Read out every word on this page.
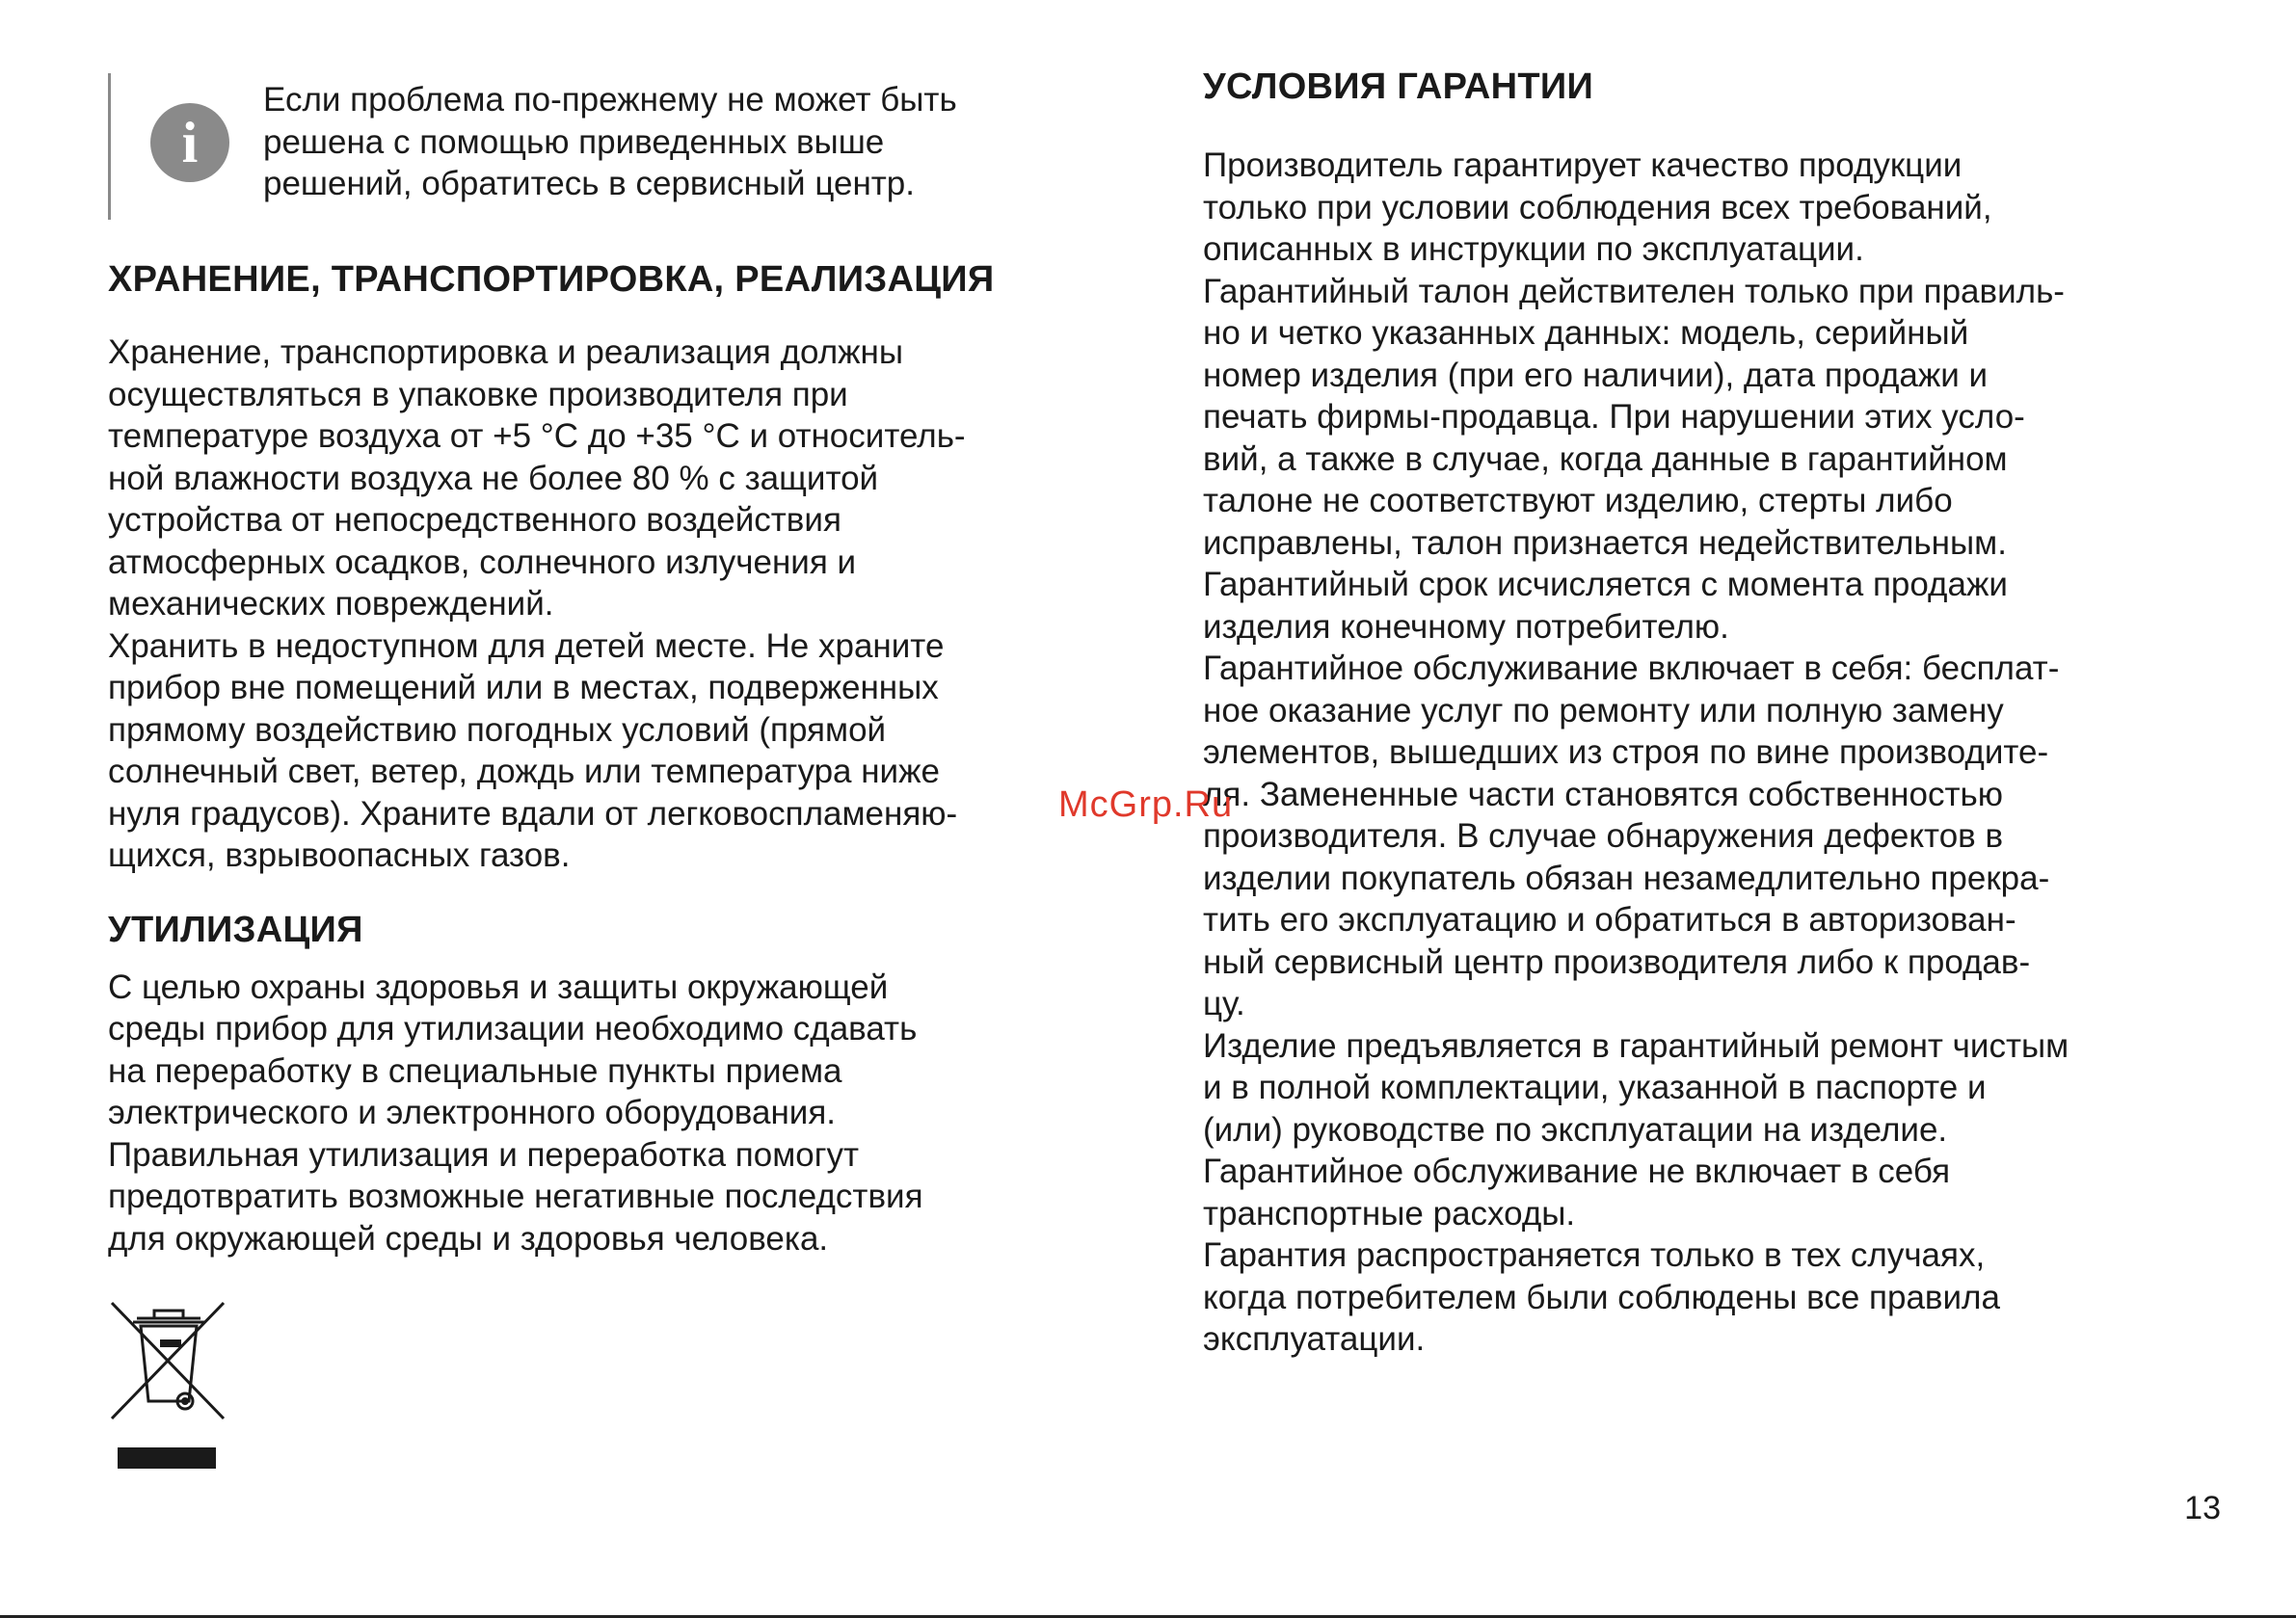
i
Если проблема по-прежнему не может быть
решена с помощью приведенных выше
решений, обратитесь в сервисный центр.
ХРАНЕНИЕ, ТРАНСПОРТИРОВКА, РЕАЛИЗАЦИЯ

Хранение, транспортировка и реализация должны
осуществляться в упаковке производителя при
температуре воздуха от +5 °С до +35 °С и относитель-
ной влажности воздуха не более 80 % с защитой
устройства от непосредственного воздействия
атмосферных осадков, солнечного излучения и
механических повреждений.
Хранить в недоступном для детей месте. Не храните
прибор вне помещений или в местах, подверженных
прямому воздействию погодных условий (прямой
солнечный свет, ветер, дождь или температура ниже
нуля градусов). Храните вдали от легковоспламеняю-
щихся, взрывоопасных газов.

УТИЛИЗАЦИЯ

С целью охраны здоровья и защиты окружающей
среды прибор для утилизации необходимо сдавать
на переработку в специальные пункты приема
электрического и электронного оборудования.
Правильная утилизация и переработка помогут
предотвратить возможные негативные последствия
для окружающей среды и здоровья человека.

УСЛОВИЯ ГАРАНТИИ

Производитель гарантирует качество продукции
только при условии соблюдения всех требований,
описанных в инструкции по эксплуатации.
Гарантийный талон действителен только при правиль-
но и четко указанных данных: модель, серийный
номер изделия (при его наличии), дата продажи и
печать фирмы-продавца. При нарушении этих усло-
вий, а также в случае, когда данные в гарантийном
талоне не соответствуют изделию, стерты либо
исправлены, талон признается недействительным.
Гарантийный срок исчисляется с момента продажи
изделия конечному потребителю.
Гарантийное обслуживание включает в себя: бесплат-
ное оказание услуг по ремонту или полную замену
элементов, вышедших из строя по вине производите-
ля. Замененные части становятся собственностью
производителя. В случае обнаружения дефектов в
изделии покупатель обязан незамедлительно прекра-
тить его эксплуатацию и обратиться в авторизован-
ный сервисный центр производителя либо к продав-
цу.
Изделие предъявляется в гарантийный ремонт чистым
и в полной комплектации, указанной в паспорте и
(или) руководстве по эксплуатации на изделие.
Гарантийное обслуживание не включает в себя
транспортные расходы.
Гарантия распространяется только в тех случаях,
когда потребителем были соблюдены все правила
эксплуатации.

McGrp.Ru
13
